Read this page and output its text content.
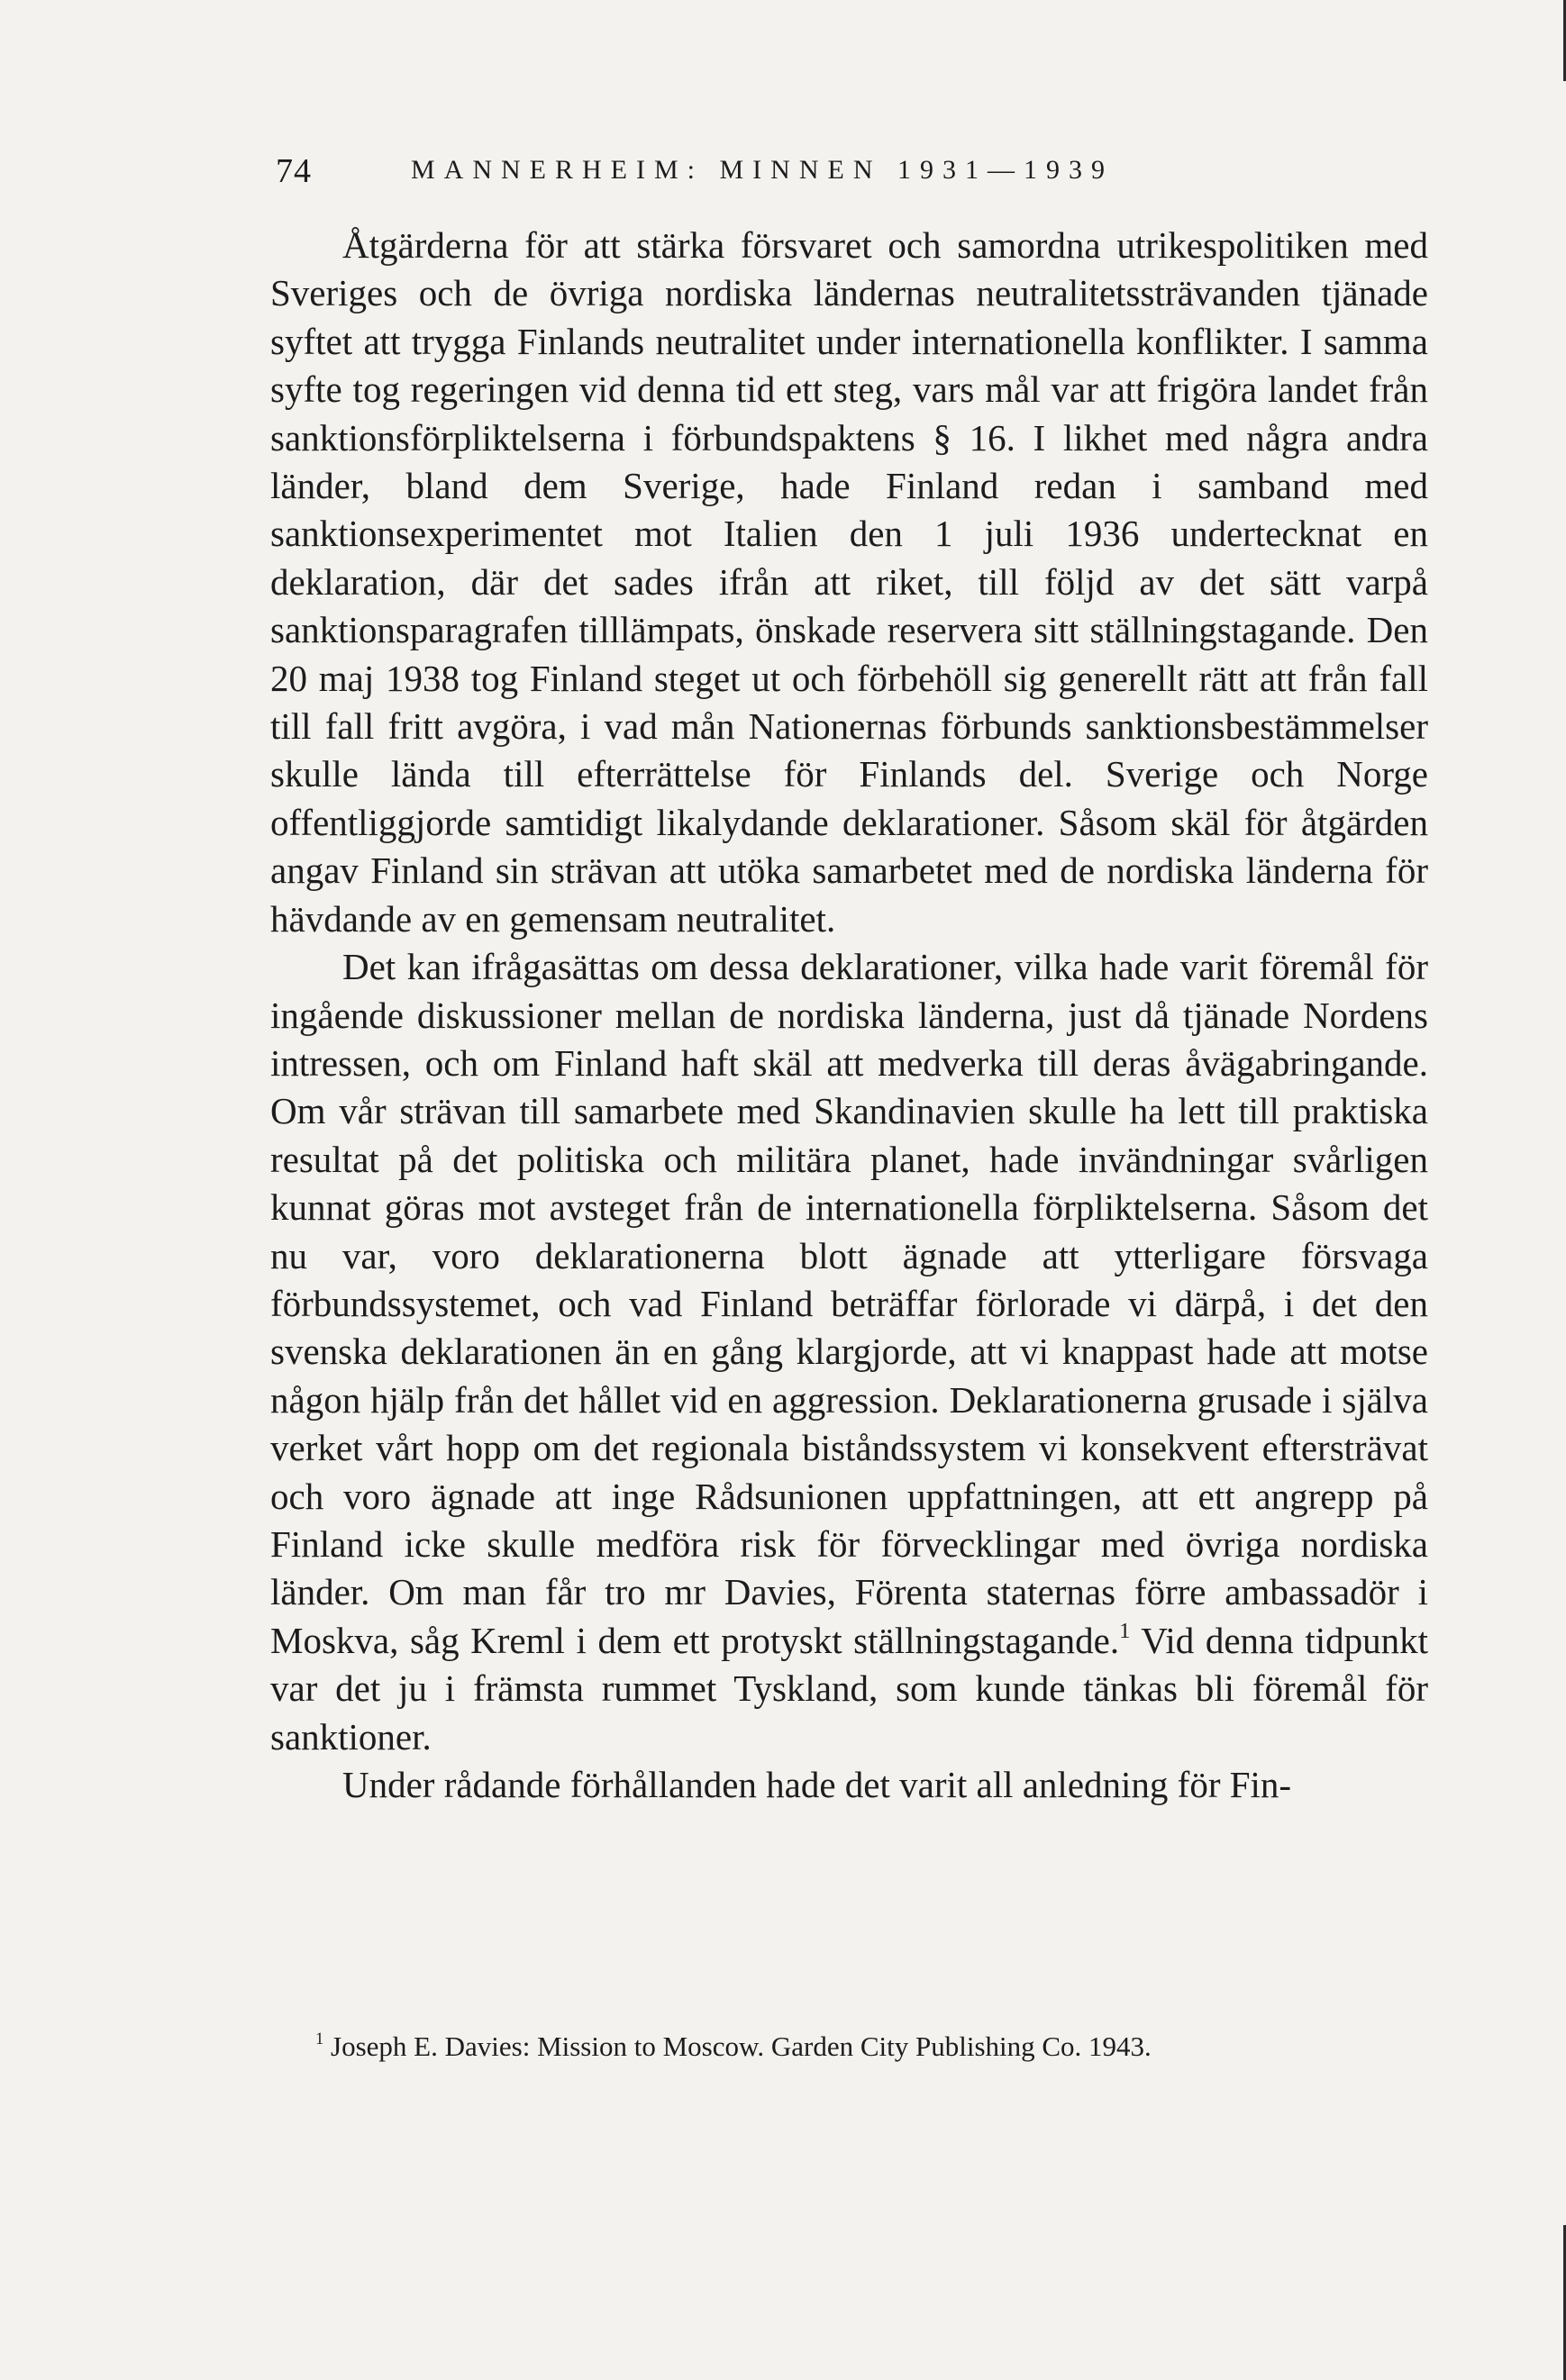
74	MANNERHEIM: MINNEN 1931—1939

Åtgärderna för att stärka försvaret och samordna utrikespolitiken med Sveriges och de övriga nordiska ländernas neutralitetssträvanden tjänade syftet att trygga Finlands neutralitet under internationella konflikter. I samma syfte tog regeringen vid denna tid ett steg, vars mål var att frigöra landet från sanktionsförpliktelserna i förbundspaktens § 16. I likhet med några andra länder, bland dem Sverige, hade Finland redan i samband med sanktionsexperimentet mot Italien den 1 juli 1936 undertecknat en deklaration, där det sades ifrån att riket, till följd av det sätt varpå sanktionsparagrafen tilllämpats, önskade reservera sitt ställningstagande. Den 20 maj 1938 tog Finland steget ut och förbehöll sig generellt rätt att från fall till fall fritt avgöra, i vad mån Nationernas förbunds sanktionsbestämmelser skulle lända till efterrättelse för Finlands del. Sverige och Norge offentliggjorde samtidigt likalydande deklarationer. Såsom skäl för åtgärden angav Finland sin strävan att utöka samarbetet med de nordiska länderna för hävdande av en gemensam neutralitet.

Det kan ifrågasättas om dessa deklarationer, vilka hade varit föremål för ingående diskussioner mellan de nordiska länderna, just då tjänade Nordens intressen, och om Finland haft skäl att medverka till deras åvägabringande. Om vår strävan till samarbete med Skandinavien skulle ha lett till praktiska resultat på det politiska och militära planet, hade invändningar svårligen kunnat göras mot avsteget från de internationella förpliktelserna. Såsom det nu var, voro deklarationerna blott ägnade att ytterligare försvaga förbundssystemet, och vad Finland beträffar förlorade vi därpå, i det den svenska deklarationen än en gång klargjorde, att vi knappast hade att motse någon hjälp från det hållet vid en aggression. Deklarationerna grusade i själva verket vårt hopp om det regionala biståndssystem vi konsekvent eftersträvat och voro ägnade att inge Rådsunionen uppfattningen, att ett angrepp på Finland icke skulle medföra risk för förvecklingar med övriga nordiska länder. Om man får tro mr Davies, Förenta staternas förre ambassadör i Moskva, såg Kreml i dem ett protyskt ställningstagande.$^1$ Vid denna tidpunkt var det ju i främsta rummet Tyskland, som kunde tänkas bli föremål för sanktioner.

Under rådande förhållanden hade det varit all anledning för Fin-

$^1$ Joseph E. Davies: Mission to Moscow. Garden City Publishing Co. 1943.
